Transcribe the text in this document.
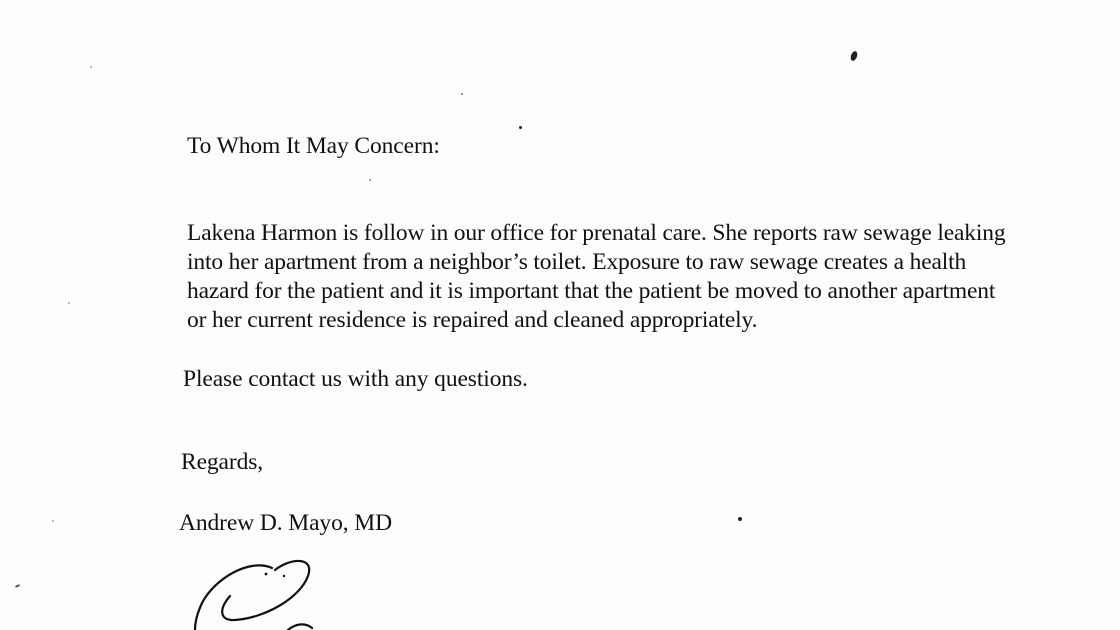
To Whom It May Concern:
Lakena Harmon is follow in our office for prenatal care. She reports raw sewage leaking
into her apartment from a neighbor’s toilet. Exposure to raw sewage creates a health
hazard for the patient and it is important that the patient be moved to another apartment
or her current residence is repaired and cleaned appropriately.
Please contact us with any questions.
Regards,
Andrew D. Mayo, MD
